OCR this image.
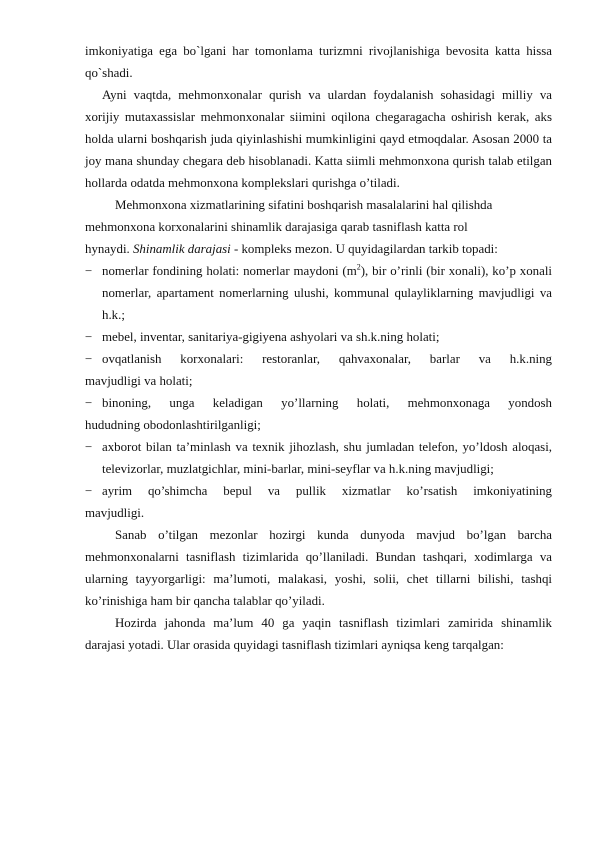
imkoniyatiga ega bo`lgani har tomonlama turizmni rivojlanishiga bevosita katta hissa qo`shadi.

Ayni vaqtda, mehmonxonalar qurish va ulardan foydalanish sohasidagi milliy va xorijiy mutaxassislar mehmonxonalar siimini oqilona chegaragacha oshirish kerak, aks holda ularni boshqarish juda qiyinlashishi mumkinligini qayd etmoqdalar. Asosan 2000 ta joy mana shunday chegara deb hisoblanadi. Katta siimli mehmonxona qurish talab etilgan hollarda odatda mehmonxona komplekslari qurishga o’tiladi.

Mehmonxona xizmatlarining sifatini boshqarish masalalarini hal qilishda

mehmonxona korxonalarini shinamlik darajasiga qarab tasniflash katta rol

hynaydi. Shinamlik darajasi - kompleks mezon. U quyidagilardan tarkib topadi:

− nomerlar fondining holati: nomerlar maydoni $(m^2)$, bir o’rinli (bir xonali), ko’p xonali nomerlar, apartament nomerlarning ulushi, kommunal qulayliklarning mavjudligi va h.k.;
− mebel, inventar, sanitariya-gigiyena ashyolari va sh.k.ning holati;
− ovqatlanish korxonalari: restoranlar, qahvaxonalar, barlar va h.k.ning
mavjudligi va holati;
− binoning, unga keladigan yo’llarning holati, mehmonxonaga yondosh
hududning obodonlashtirilganligi;
− axborot bilan ta’minlash va texnik jihozlash, shu jumladan telefon, yo’ldosh aloqasi, televizorlar, muzlatgichlar, mini-barlar, mini-seyflar va h.k.ning mavjudligi;
− ayrim qo’shimcha bepul va pullik xizmatlar ko’rsatish imkoniyatining
mavjudligi.

Sanab o’tilgan mezonlar hozirgi kunda dunyoda mavjud bo’lgan barcha mehmonxonalarni tasniflash tizimlarida qo’llaniladi. Bundan tashqari, xodimlarga va ularning tayyorgarligi: ma’lumoti, malakasi, yoshi, solii, chet tillarni bilishi, tashqi ko’rinishiga ham bir qancha talablar qo’yiladi.

Hozirda jahonda ma’lum 40 ga yaqin tasniflash tizimlari zamirida shinamlik darajasi yotadi. Ular orasida quyidagi tasniflash tizimlari ayniqsa keng tarqalgan:
